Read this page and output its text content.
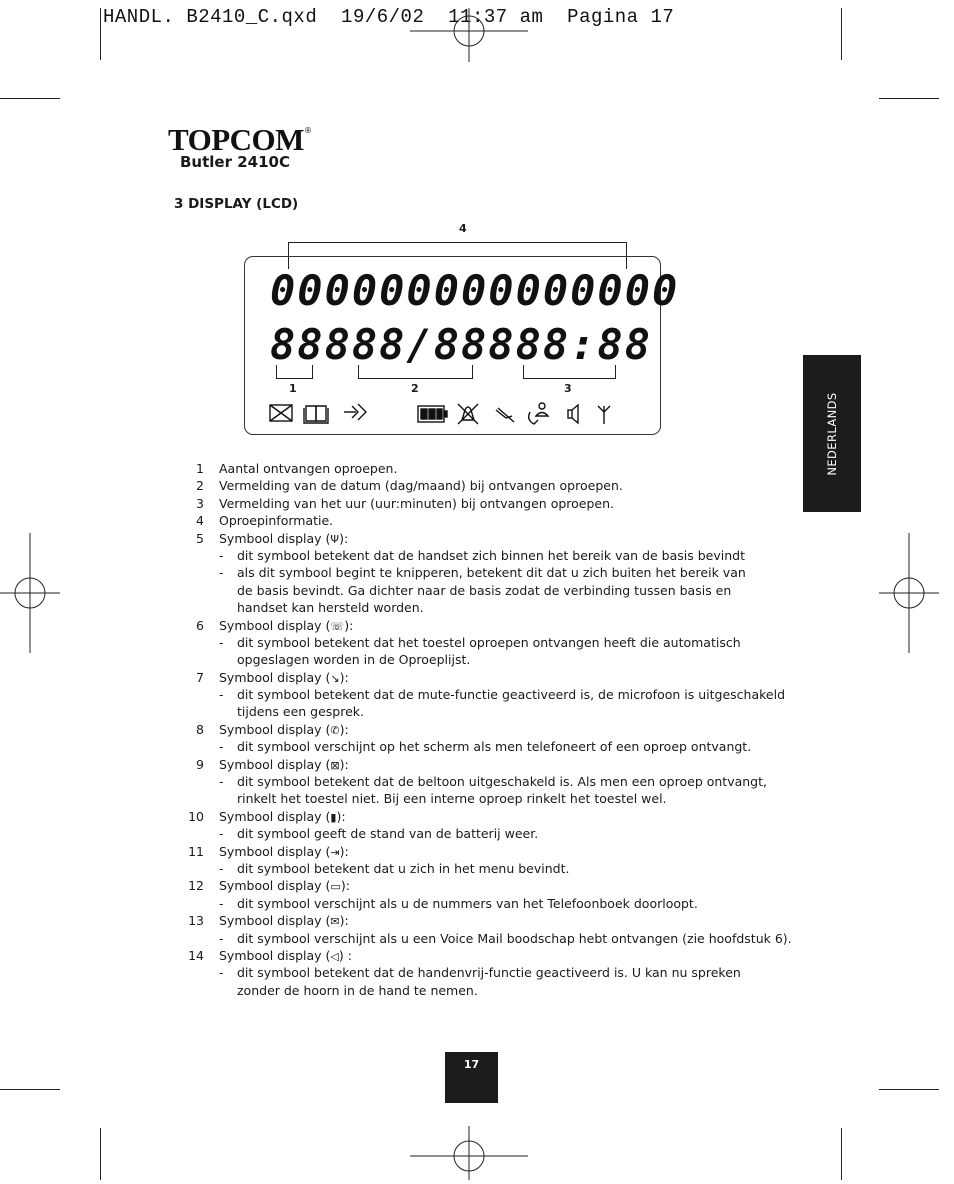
HANDL. B2410_C.qxd  19/6/02  11:37 am  Pagina 17
TOPCOM®
Butler 2410C
3 DISPLAY (LCD)
NEDERLANDS
4
000000000000000
88888/88888:88
1	2	3
1 Aantal ontvangen oproepen.
2 Vermelding van de datum (dag/maand) bij ontvangen oproepen.
3 Vermelding van het uur (uur:minuten) bij ontvangen oproepen.
4 Oproepinformatie.
5 Symbool display (Ψ):
- dit symbool betekent dat de handset zich binnen het bereik van de basis bevindt
- als dit symbool begint te knipperen, betekent dit dat u zich buiten het bereik van
de basis bevindt. Ga dichter naar de basis zodat de verbinding tussen basis en
handset kan hersteld worden.
6 Symbool display (☏):
- dit symbool betekent dat het toestel oproepen ontvangen heeft die automatisch
opgeslagen worden in de Oproeplijst.
7 Symbool display (↘):
- dit symbool betekent dat de mute-functie geactiveerd is, de microfoon is uitgeschakeld
tijdens een gesprek.
8 Symbool display (✆):
- dit symbool verschijnt op het scherm als men telefoneert of een oproep ontvangt.
9 Symbool display (⊠):
- dit symbool betekent dat de beltoon uitgeschakeld is. Als men een oproep ontvangt,
rinkelt het toestel niet. Bij een interne oproep rinkelt het toestel wel.
10 Symbool display (▮):
- dit symbool geeft de stand van de batterij weer.
11 Symbool display (⇥):
- dit symbool betekent dat u zich in het menu bevindt.
12 Symbool display (▭):
- dit symbool verschijnt als u de nummers van het Telefoonboek doorloopt.
13 Symbool display (✉):
- dit symbool verschijnt als u een Voice Mail boodschap hebt ontvangen (zie hoofdstuk 6).
14 Symbool display (◁) :
- dit symbool betekent dat de handenvrij-functie geactiveerd is. U kan nu spreken
zonder de hoorn in de hand te nemen.
17
